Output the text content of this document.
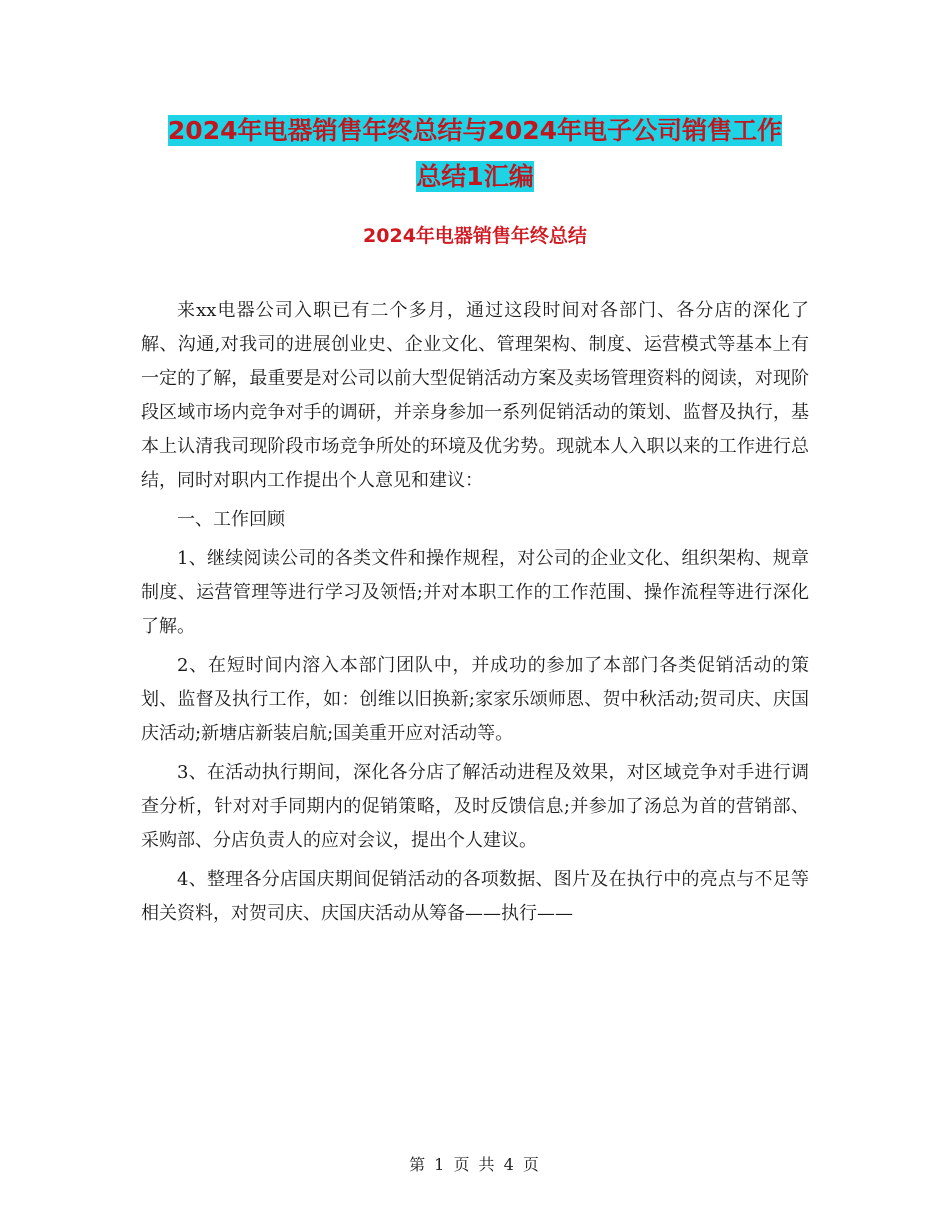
2024年电器销售年终总结与2024年电子公司销售工作
总结1汇编
2024年电器销售年终总结

来xx电器公司入职已有二个多月，通过这段时间对各部门、各分店的深化了解、沟通,对我司的进展创业史、企业文化、管理架构、制度、运营模式等基本上有一定的了解，最重要是对公司以前大型促销活动方案及卖场管理资料的阅读，对现阶段区域市场内竞争对手的调研，并亲身参加一系列促销活动的策划、监督及执行，基本上认清我司现阶段市场竞争所处的环境及优劣势。现就本人入职以来的工作进行总结，同时对职内工作提出个人意见和建议：

一、工作回顾

1、继续阅读公司的各类文件和操作规程，对公司的企业文化、组织架构、规章制度、运营管理等进行学习及领悟;并对本职工作的工作范围、操作流程等进行深化了解。

2、在短时间内溶入本部门团队中，并成功的参加了本部门各类促销活动的策划、监督及执行工作，如：创维以旧换新;家家乐颂师恩、贺中秋活动;贺司庆、庆国庆活动;新塘店新装启航;国美重开应对活动等。

3、在活动执行期间，深化各分店了解活动进程及效果，对区域竞争对手进行调查分析，针对对手同期内的促销策略，及时反馈信息;并参加了汤总为首的营销部、采购部、分店负责人的应对会议，提出个人建议。

4、整理各分店国庆期间促销活动的各项数据、图片及在执行中的亮点与不足等相关资料，对贺司庆、庆国庆活动从筹备——执行——

第 1 页 共 4 页
